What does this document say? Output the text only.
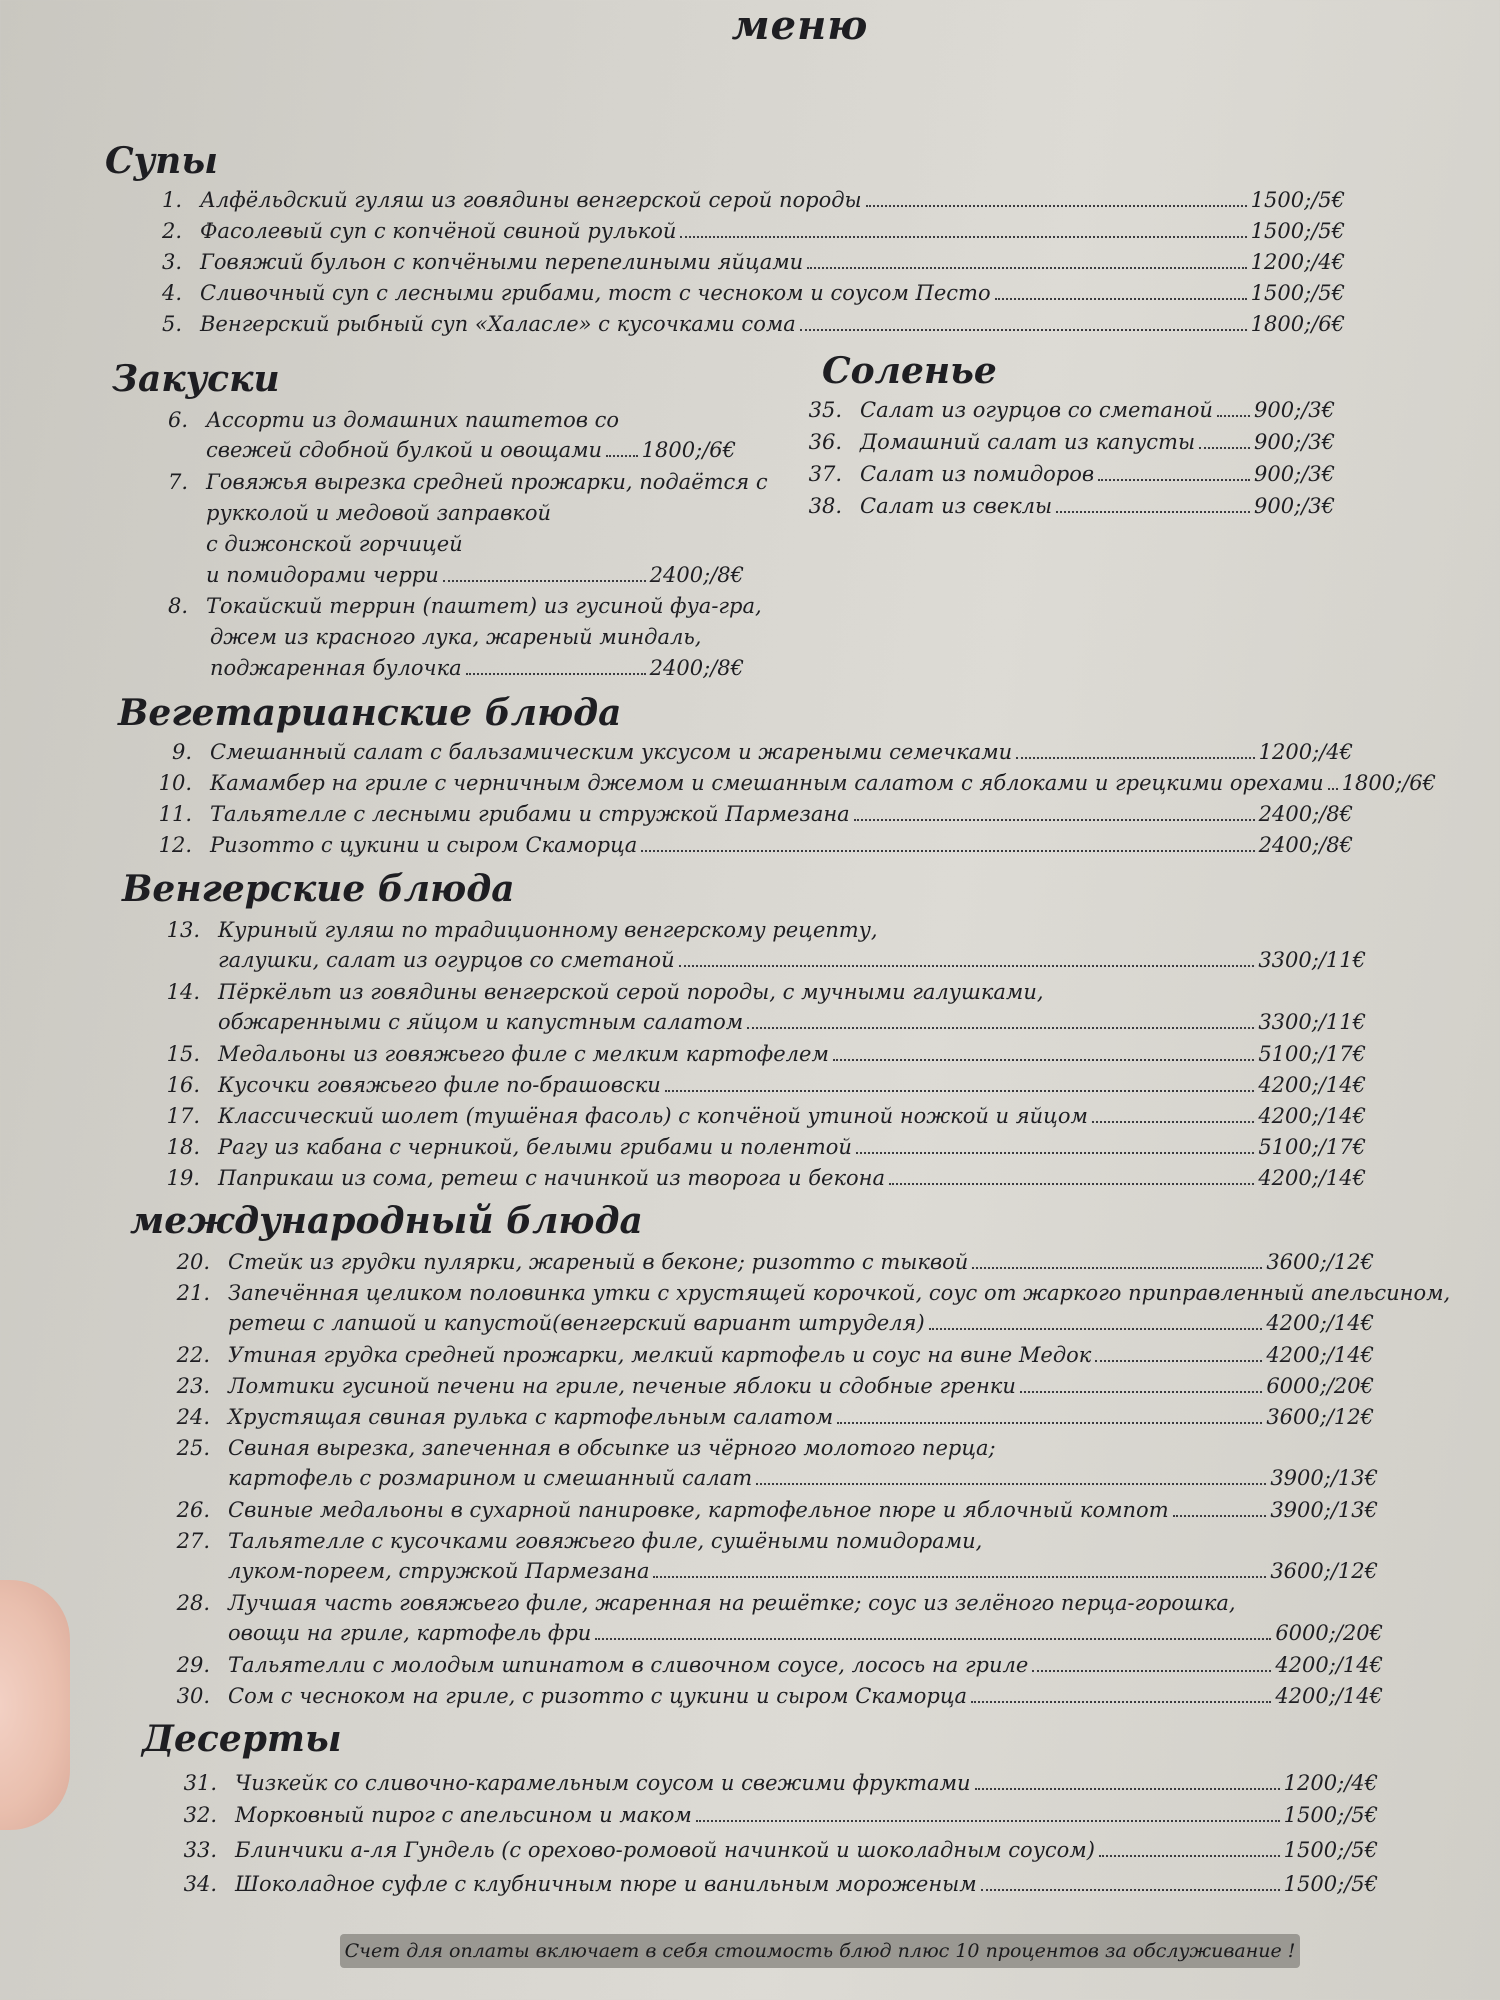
меню
Супы
1. Алфёльдский гуляш из говядины венгерской серой породы	1500;/5€
2. Фасолевый суп с копчёной свиной рулькой	1500;/5€
3. Говяжий бульон с копчёными перепелиными яйцами	1200;/4€
4. Сливочный суп с лесными грибами, тост с чесноком и соусом Песто	1500;/5€
5. Венгерский рыбный суп «Халасле» с кусочками сома	1800;/6€
Закуски
6. Ассорти из домашних паштетов со
свежей сдобной булкой и овощами 1800;/6€
7. Говяжья вырезка средней прожарки, подаётся с
рукколой и медовой заправкой
с дижонской горчицей
и помидорами черри	2400;/8€
8. Токайский террин (паштет) из гусиной фуа-гра,
джем из красного лука, жареный миндаль,
поджаренная булочка	2400;/8€
Соленье
35. Салат из огурцов со сметаной 900;/3€
36. Домашний салат из капусты	900;/3€
37. Салат из помидоров	900;/3€
38. Салат из свеклы	900;/3€
Вегетарианские блюда
9. Смешанный салат с бальзамическим уксусом и жареными семечками	1200;/4€
10. Камамбер на гриле с черничным джемом и смешанным салатом с яблоками и грецкими орехами 1800;/6€
11. Тальятелле с лесными грибами и стружкой Пармезана	2400;/8€
12. Ризотто с цукини и сыром Скаморца	2400;/8€
Венгерские блюда
13. Куриный гуляш по традиционному венгерскому рецепту,
галушки, салат из огурцов со сметаной	3300;/11€
14. Пёркёльт из говядины венгерской серой породы, с мучными галушками,
обжаренными с яйцом и капустным салатом	3300;/11€
15. Медальоны из говяжьего филе с мелким картофелем	5100;/17€
16. Кусочки говяжьего филе по-брашовски	4200;/14€
17. Классический шолет (тушёная фасоль) с копчёной утиной ножкой и яйцом	4200;/14€
18. Рагу из кабана с черникой, белыми грибами и полентой	5100;/17€
19. Паприкаш из сома, ретеш с начинкой из творога и бекона	4200;/14€
международный блюда
20. Стейк из грудки пулярки, жареный в беконе; ризотто с тыквой	3600;/12€
21. Запечённая целиком половинка утки с хрустящей корочкой, соус от жаркого приправленный апельсином,
ретеш с лапшой и капустой(венгерский вариант штруделя)	4200;/14€
22. Утиная грудка средней прожарки, мелкий картофель и соус на вине Медок	4200;/14€
23. Ломтики гусиной печени на гриле, печеные яблоки и сдобные гренки	6000;/20€
24. Хрустящая свиная рулька с картофельным салатом	3600;/12€
25. Свиная вырезка, запеченная в обсыпке из чёрного молотого перца;
картофель с розмарином и смешанный салат	3900;/13€
26. Свиные медальоны в сухарной панировке, картофельное пюре и яблочный компот	3900;/13€
27. Тальятелле с кусочками говяжьего филе, сушёными помидорами,
луком-пореем, стружкой Пармезана	3600;/12€
28. Лучшая часть говяжьего филе, жаренная на решётке; соус из зелёного перца-горошка,
овощи на гриле, картофель фри	6000;/20€
29. Тальятелли с молодым шпинатом в сливочном соусе, лосось на гриле	4200;/14€
30. Сом с чесноком на гриле, с ризотто с цукини и сыром Скаморца	4200;/14€
Десерты
31. Чизкейк со сливочно-карамельным соусом и свежими фруктами	1200;/4€
32. Морковный пирог с апельсином и маком	1500;/5€
33. Блинчики а-ля Гундель (с орехово-ромовой начинкой и шоколадным соусом)	1500;/5€
34. Шоколадное суфле с клубничным пюре и ванильным мороженым	1500;/5€
Счет для оплаты включает в себя стоимость блюд плюс 10 процентов за обслуживание !
